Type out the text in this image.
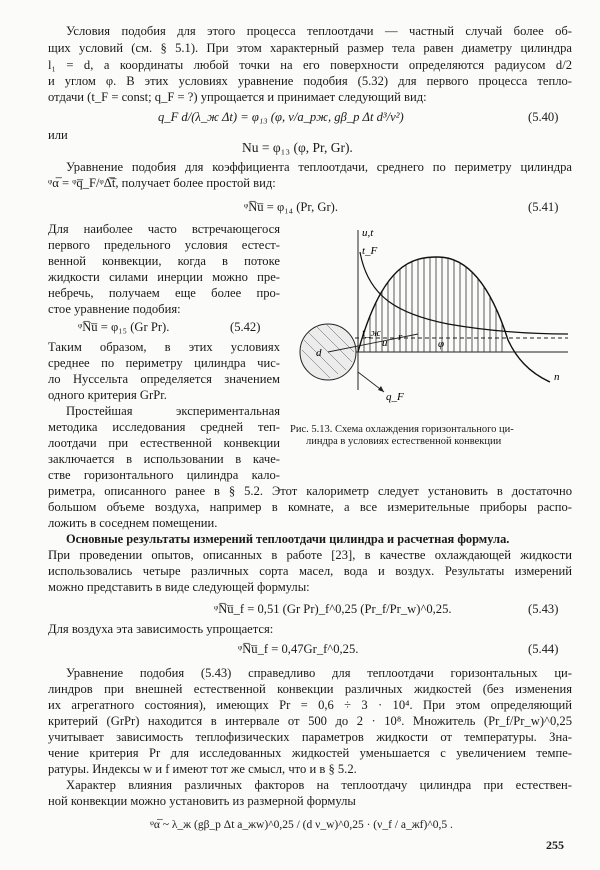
Условия подобия для этого процесса теплоотдачи — частный случай более об-
щих условий (см. § 5.1). При этом характерный размер тела равен диаметру цилиндра
l₁ = d, а координаты любой точки на его поверхности определяются радиусом d/2
и углом φ. В этих условиях уравнение подобия (5.32) для первого процесса тепло-
отдачи (t_F = const; q_F = ?) упрощается и принимает следующий вид:
q_F d/(λ_ж Δt) = φ₁₃ (φ, ν/a_pж, gβ_p Δt d³/ν²)	(5.40)
или
Nu = φ₁₃ (φ, Pr, Gr).
Уравнение подобия для коэффициента теплоотдачи, среднего по периметру цилиндра
ᵠα̅ = ᵠq̅_F/ᵠΔ̅t̅, получает более простой вид:
ᵠN̅u̅ = φ₁₄ (Pr, Gr).	(5.41)
Для наиболее часто встречающегося
первого предельного условия естест-
венной конвекции, когда в потоке
жидкости силами инерции можно пре-
небречь, получаем еще более про-
стое уравнение подобия:
ᵠN̅u̅ = φ₁₅ (Gr Pr).	(5.42)
Таким образом, в этих условиях
среднее по периметру цилиндра чис-
ло Нуссельта определяется значением
одного критерия GrPr.
Простейшая экспериментальная
методика исследования средней теп-
лоотдачи при естественной конвекции
заключается в использовании в каче-
стве горизонтального цилиндра кало-
u,t
t_F
t_ж
u r
φ
d
q_F
n
Рис. 5.13. Схема охлаждения горизонтального ци-
линдра в условиях естественной конвекции
риметра, описанного ранее в § 5.2. Этот калориметр следует установить в достаточно
большом объеме воздуха, например в комнате, а все измерительные приборы распо-
ложить в соседнем помещении.
Основные результаты измерений теплоотдачи цилиндра и расчетная формула.
При проведении опытов, описанных в работе [23], в качестве охлаждающей жидкости
использовались четыре различных сорта масел, вода и воздух. Результаты измерений
можно представить в виде следующей формулы:
ᵠN̅u̅_f = 0,51 (Gr Pr)_f^0,25 (Pr_f/Pr_w)^0,25.	(5.43)
Для воздуха эта зависимость упрощается:
ᵠN̅u̅_f = 0,47Gr_f^0,25.	(5.44)
Уравнение подобия (5.43) справедливо для теплоотдачи горизонтальных ци-
линдров при внешней естественной конвекции различных жидкостей (без изменения
их агрегатного состояния), имеющих Pr = 0,6 ÷ 3 · 10⁴. При этом определяющий
критерий (GrPr) находится в интервале от 500 до 2 · 10⁸. Множитель (Pr_f/Pr_w)^0,25
учитывает зависимость теплофизических параметров жидкости от температуры. Зна-
чение критерия Pr для исследованных жидкостей уменьшается с увеличением темпе-
ратуры. Индексы w и f имеют тот же смысл, что и в § 5.2.
Характер влияния различных факторов на теплоотдачу цилиндра при естествен-
ной конвекции можно установить из размерной формулы
ᵠα̅ ~ λ_ж (gβ_p Δt a_жw)^0,25 / (d ν_w)^0,25 · (ν_f / a_жf)^0,5 .
255
